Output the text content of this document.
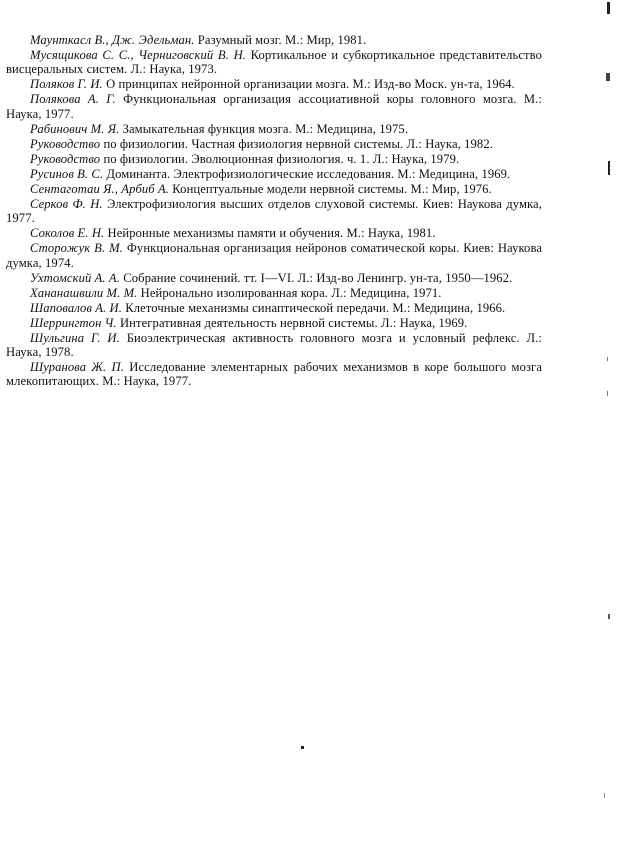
Маунткасл В., Дж. Эдельман. Разумный мозг. М.: Мир, 1981.

Мусящикова С. С., Черниговский В. Н. Кортикальное и субкортикальное представительство висцеральных систем. Л.: Наука, 1973.

Поляков Г. И. О принципах нейронной организации мозга. М.: Изд-во Моск. ун-та, 1964.

Полякова А. Г. Функциональная организация ассоциативной коры головного мозга. М.: Наука, 1977.

Рабинович М. Я. Замыкательная функция мозга. М.: Медицина, 1975.

Руководство по физиологии. Частная физиология нервной системы. Л.: Наука, 1982.

Руководство по физиологии. Эволюционная физиология. ч. 1. Л.: Наука, 1979.

Русинов В. С. Доминанта. Электрофизиологические исследования. М.: Медицина, 1969.

Сентаготаи Я., Арбиб А. Концептуальные модели нервной системы. М.: Мир, 1976.

Серков Ф. Н. Электрофизиология высших отделов слуховой системы. Киев: Наукова думка, 1977.

Соколов Е. Н. Нейронные механизмы памяти и обучения. М.: Наука, 1981.

Сторожук В. М. Функциональная организация нейронов соматической коры. Киев: Наукова думка, 1974.

Ухтомский А. А. Собрание сочинений. тт. I—VI. Л.: Изд-во Ленингр. ун-та, 1950—1962.

Хананашвили М. М. Нейронально изолированная кора. Л.: Медицина, 1971.

Шаповалов А. И. Клеточные механизмы синаптической передачи. М.: Медицина, 1966.

Шеррингтон Ч. Интегративная деятельность нервной системы. Л.: Наука, 1969.

Шульгина Г. И. Биоэлектрическая активность головного мозга и условный рефлекс. Л.: Наука, 1978.

Шуранова Ж. П. Исследование элементарных рабочих механизмов в коре большого мозга млекопитающих. М.: Наука, 1977.
